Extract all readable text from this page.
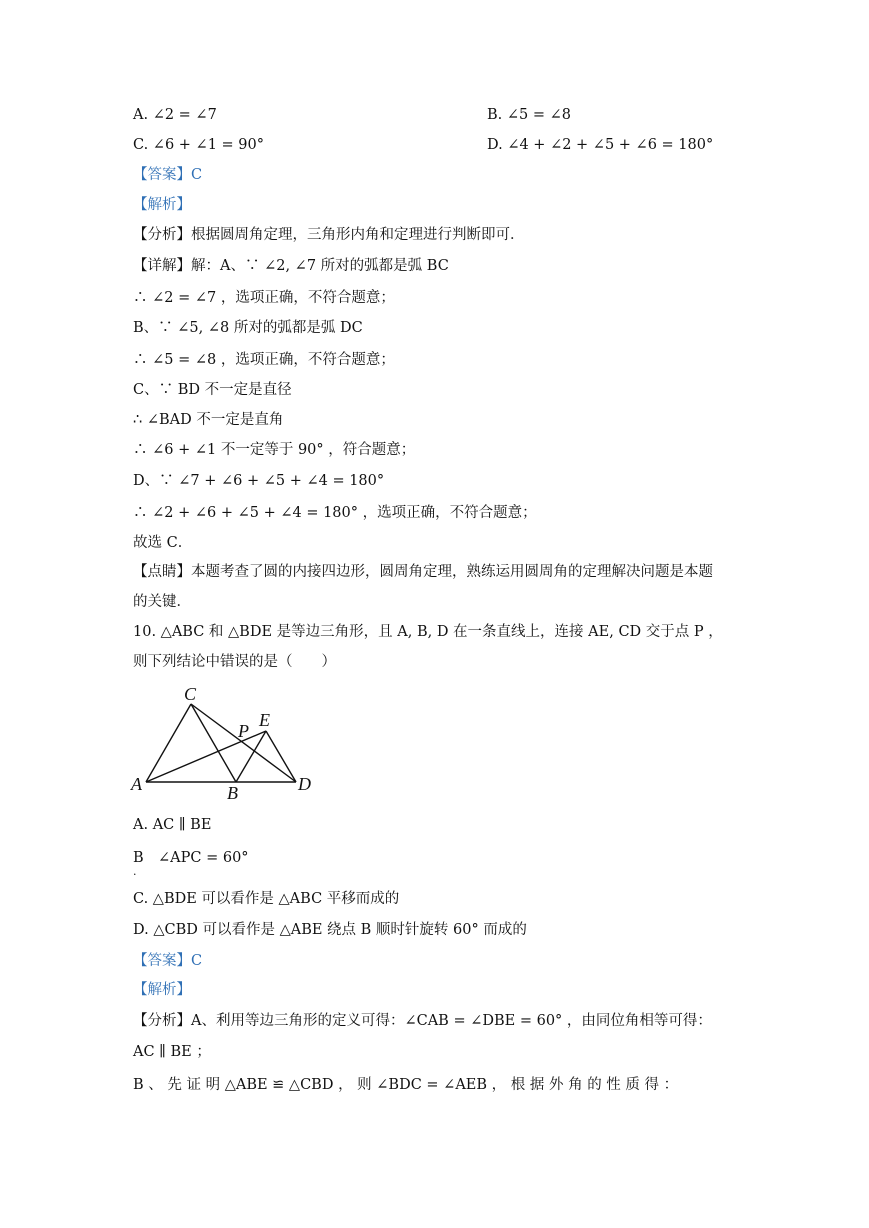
A. ∠2 = ∠7	B. ∠5 = ∠8
C. ∠6 + ∠1 = 90°	D. ∠4 + ∠2 + ∠5 + ∠6 = 180°
【答案】C
【解析】
【分析】根据圆周角定理，三角形内角和定理进行判断即可．
【详解】解：A、∵ ∠2, ∠7 所对的弧都是弧 BC
∴ ∠2 = ∠7 ，选项正确，不符合题意；
B、∵ ∠5, ∠8 所对的弧都是弧 DC
∴ ∠5 = ∠8 ，选项正确，不符合题意；
C、∵ BD 不一定是直径
∴ ∠BAD 不一定是直角
∴ ∠6 + ∠1 不一定等于 90° ，符合题意；
D、∵ ∠7 + ∠6 + ∠5 + ∠4 = 180°
∴ ∠2 + ∠6 + ∠5 + ∠4 = 180° ，选项正确，不符合题意；
故选 C．
【点睛】本题考查了圆的内接四边形，圆周角定理，熟练运用圆周角的定理解决问题是本题
的关键．
10. △ABC 和 △BDE 是等边三角形，且 A, B, D 在一条直线上，连接 AE, CD 交于点 P ，
则下列结论中错误的是（　　）
C
P
E
A	B	D
A. AC ∥ BE
B
.
∠APC = 60°
C. △BDE 可以看作是 △ABC 平移而成的
D. △CBD 可以看作是 △ABE 绕点 B 顺时针旋转 60° 而成的
【答案】C
【解析】
【分析】A、利用等边三角形的定义可得：∠CAB = ∠DBE = 60° ，由同位角相等可得：
AC ∥ BE ；
B 、 先 证 明 △ABE ≌ △CBD ， 则 ∠BDC = ∠AEB ， 根 据 外 角 的 性 质 得 ：
